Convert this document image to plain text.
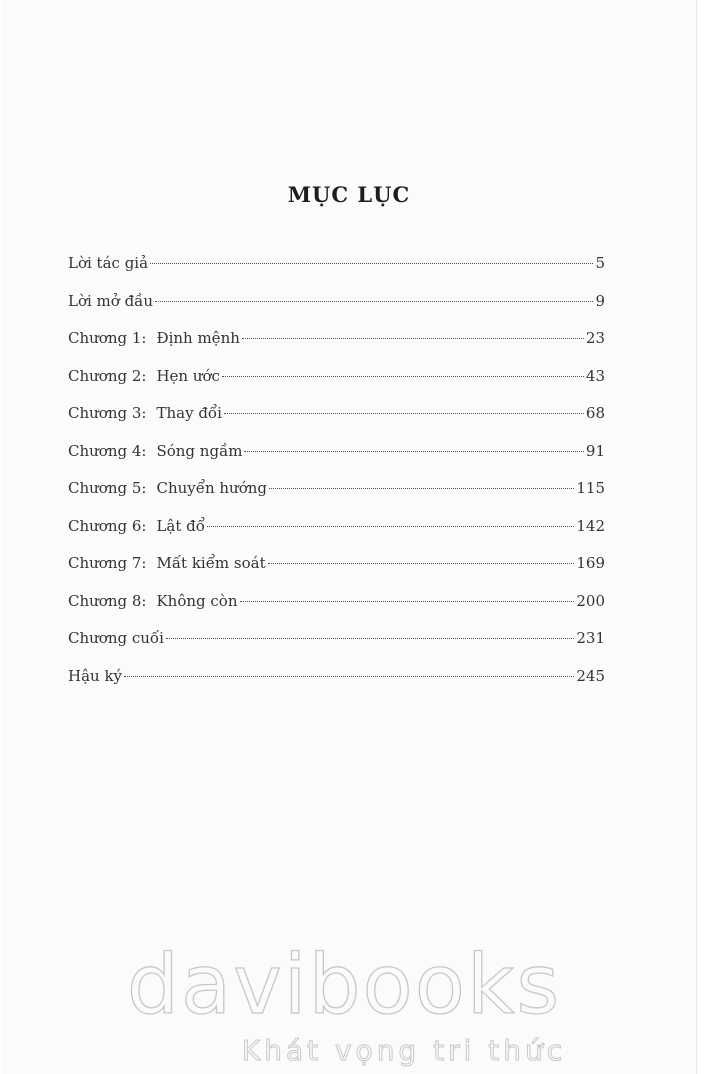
MỤC LỤC
Lời tác giả	5
Lời mở đầu	9
Chương 1: Định mệnh	23
Chương 2: Hẹn ước	43
Chương 3: Thay đổi	68
Chương 4: Sóng ngầm	91
Chương 5: Chuyển hướng	115
Chương 6: Lật đổ	142
Chương 7: Mất kiểm soát	169
Chương 8: Không còn	200
Chương cuối	231
Hậu ký	245
davibooks
Khát vọng tri thức
